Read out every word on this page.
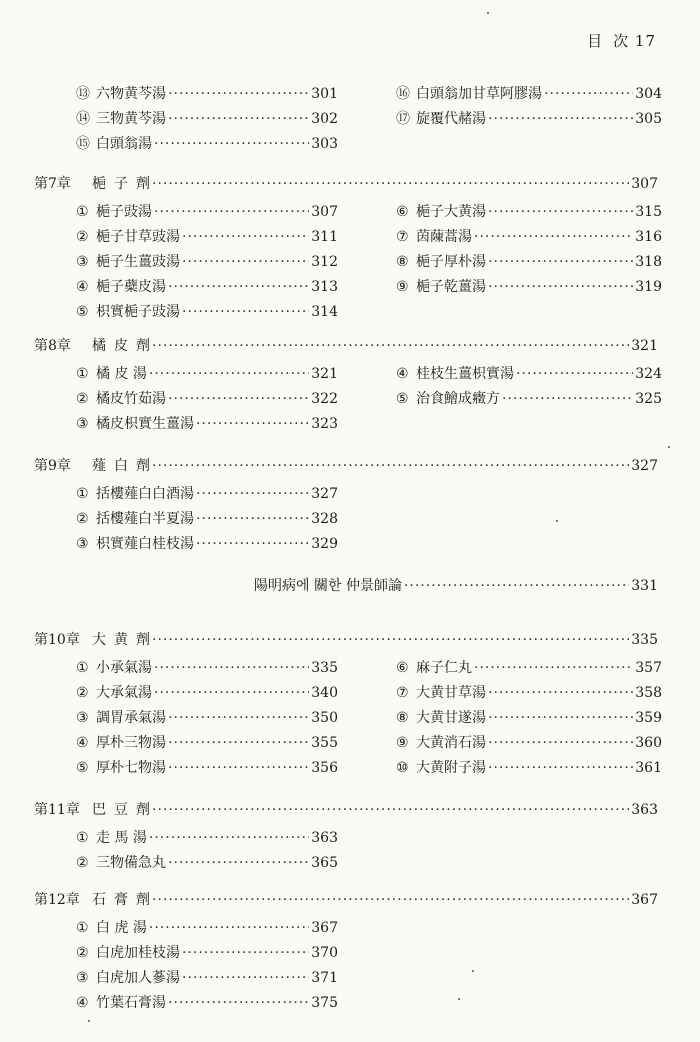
目 次 17
⑬ 六物黄芩湯 ·····	301
⑭ 三物黄芩湯 ·····	302
⑮ 白頭翁湯 ·····	303
⑯ 白頭翁加甘草阿膠湯 ·····	304
⑰ 旋覆代赭湯 ·····	305
第7章 梔子劑 ·····	307
① 梔子豉湯 ·····	307
② 梔子甘草豉湯 ·····	311
③ 梔子生薑豉湯 ·····	312
④ 梔子蘗皮湯 ·····	313
⑤ 枳實梔子豉湯 ·····	314
⑥ 梔子大黄湯 ·····	315
⑦ 茵蔯蒿湯 ·····	316
⑧ 梔子厚朴湯 ·····	318
⑨ 梔子乾薑湯 ·····	319
第8章 橘皮劑 ·····	321
① 橘 皮 湯 ·····	321
② 橘皮竹茹湯 ·····	322
③ 橘皮枳實生薑湯 ·····	323
④ 桂枝生薑枳實湯 ·····	324
⑤ 治食鱠成癥方 ·····	325
第9章 薤白劑 ·····	327
① 括樓薤白白酒湯 ·····	327
② 括樓薤白半夏湯 ·····	328
③ 枳實薤白桂枝湯 ·····	329
第10章 大黄劑 ·····	335
① 小承氣湯 ·····	335
② 大承氣湯 ·····	340
③ 調胃承氣湯 ·····	350
④ 厚朴三物湯 ·····	355
⑤ 厚朴七物湯 ·····	356
⑥ 麻子仁丸 ·····	357
⑦ 大黄甘草湯 ·····	358
⑧ 大黄甘遂湯 ·····	359
⑨ 大黄消石湯 ·····	360
⑩ 大黄附子湯 ·····	361
第11章 巴豆劑 ·····	363
① 走 馬 湯 ·····	363
② 三物備急丸 ·····	365
第12章 石膏劑 ·····	367
① 白 虎 湯 ·····	367
② 白虎加桂枝湯 ·····	370
③ 白虎加人蔘湯 ·····	371
④ 竹葉石膏湯 ·····	375
陽明病에 關한 仲景師論 ·····	331
